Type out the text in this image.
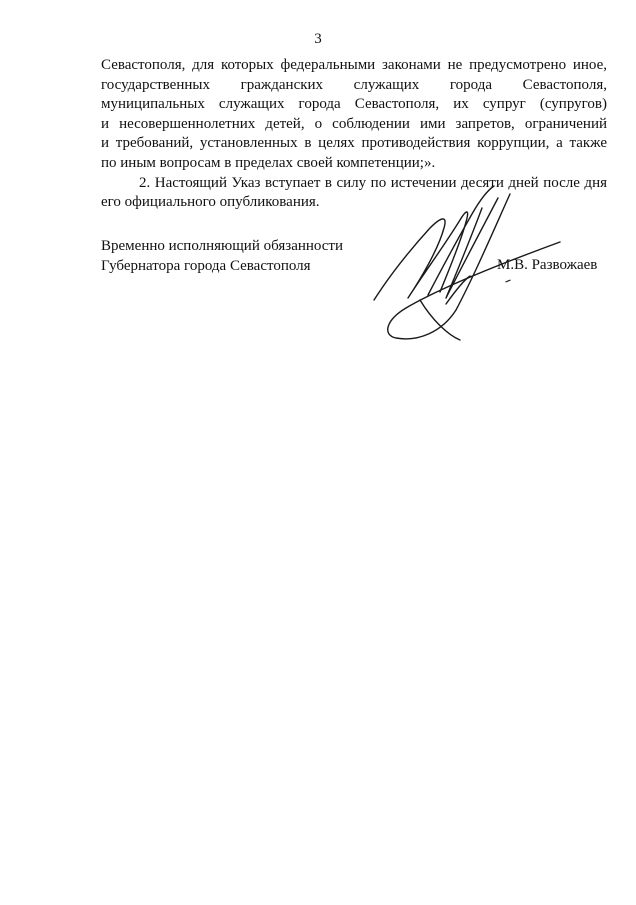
3
Севастополя, для которых федеральными законами не предусмотрено иное,
государственных гражданских служащих города Севастополя,
муниципальных служащих города Севастополя, их супруг (супругов)
и несовершеннолетних детей, о соблюдении ими запретов, ограничений
и требований, установленных в целях противодействия коррупции, а также
по иным вопросам в пределах своей компетенции;».
2. Настоящий Указ вступает в силу по истечении десяти дней после дня
его официального опубликования.
Временно исполняющий обязанности
Губернатора города Севастополя	М.В. Развожаев
